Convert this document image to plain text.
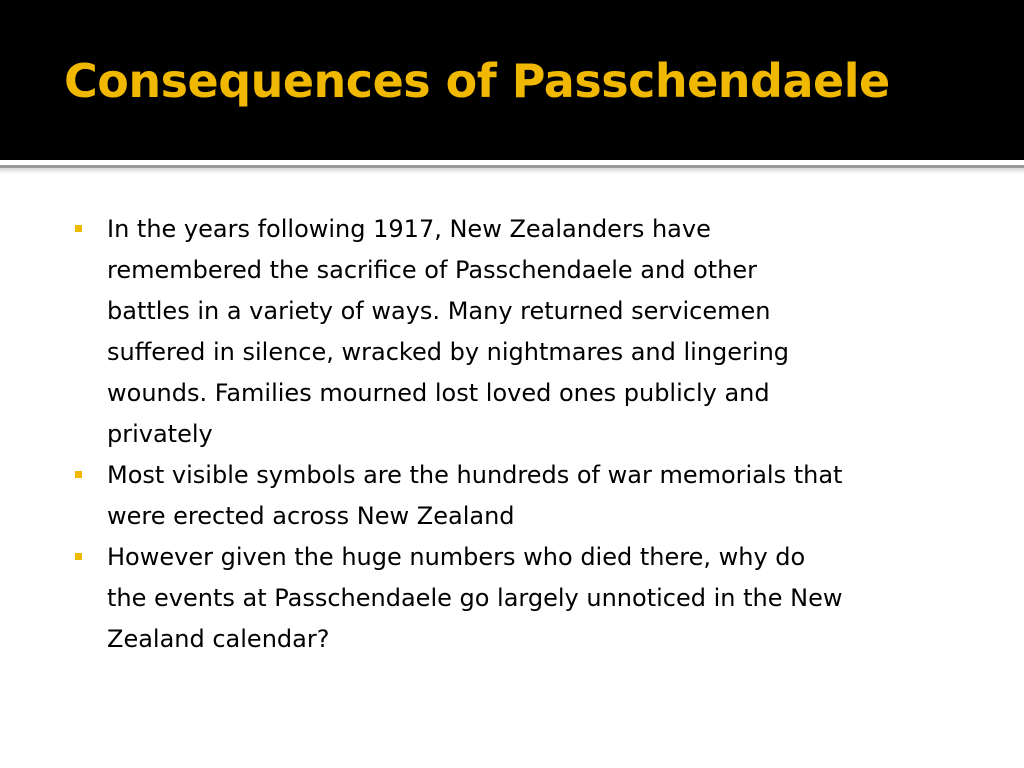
Consequences of Passchendaele
In the years following 1917, New Zealanders have
remembered the sacrifice of Passchendaele and other
battles in a variety of ways. Many returned servicemen
suffered in silence, wracked by nightmares and lingering
wounds. Families mourned lost loved ones publicly and
privately
Most visible symbols are the hundreds of war memorials that
were erected across New Zealand
However given the huge numbers who died there, why do
the events at Passchendaele go largely unnoticed in the New
Zealand calendar?
